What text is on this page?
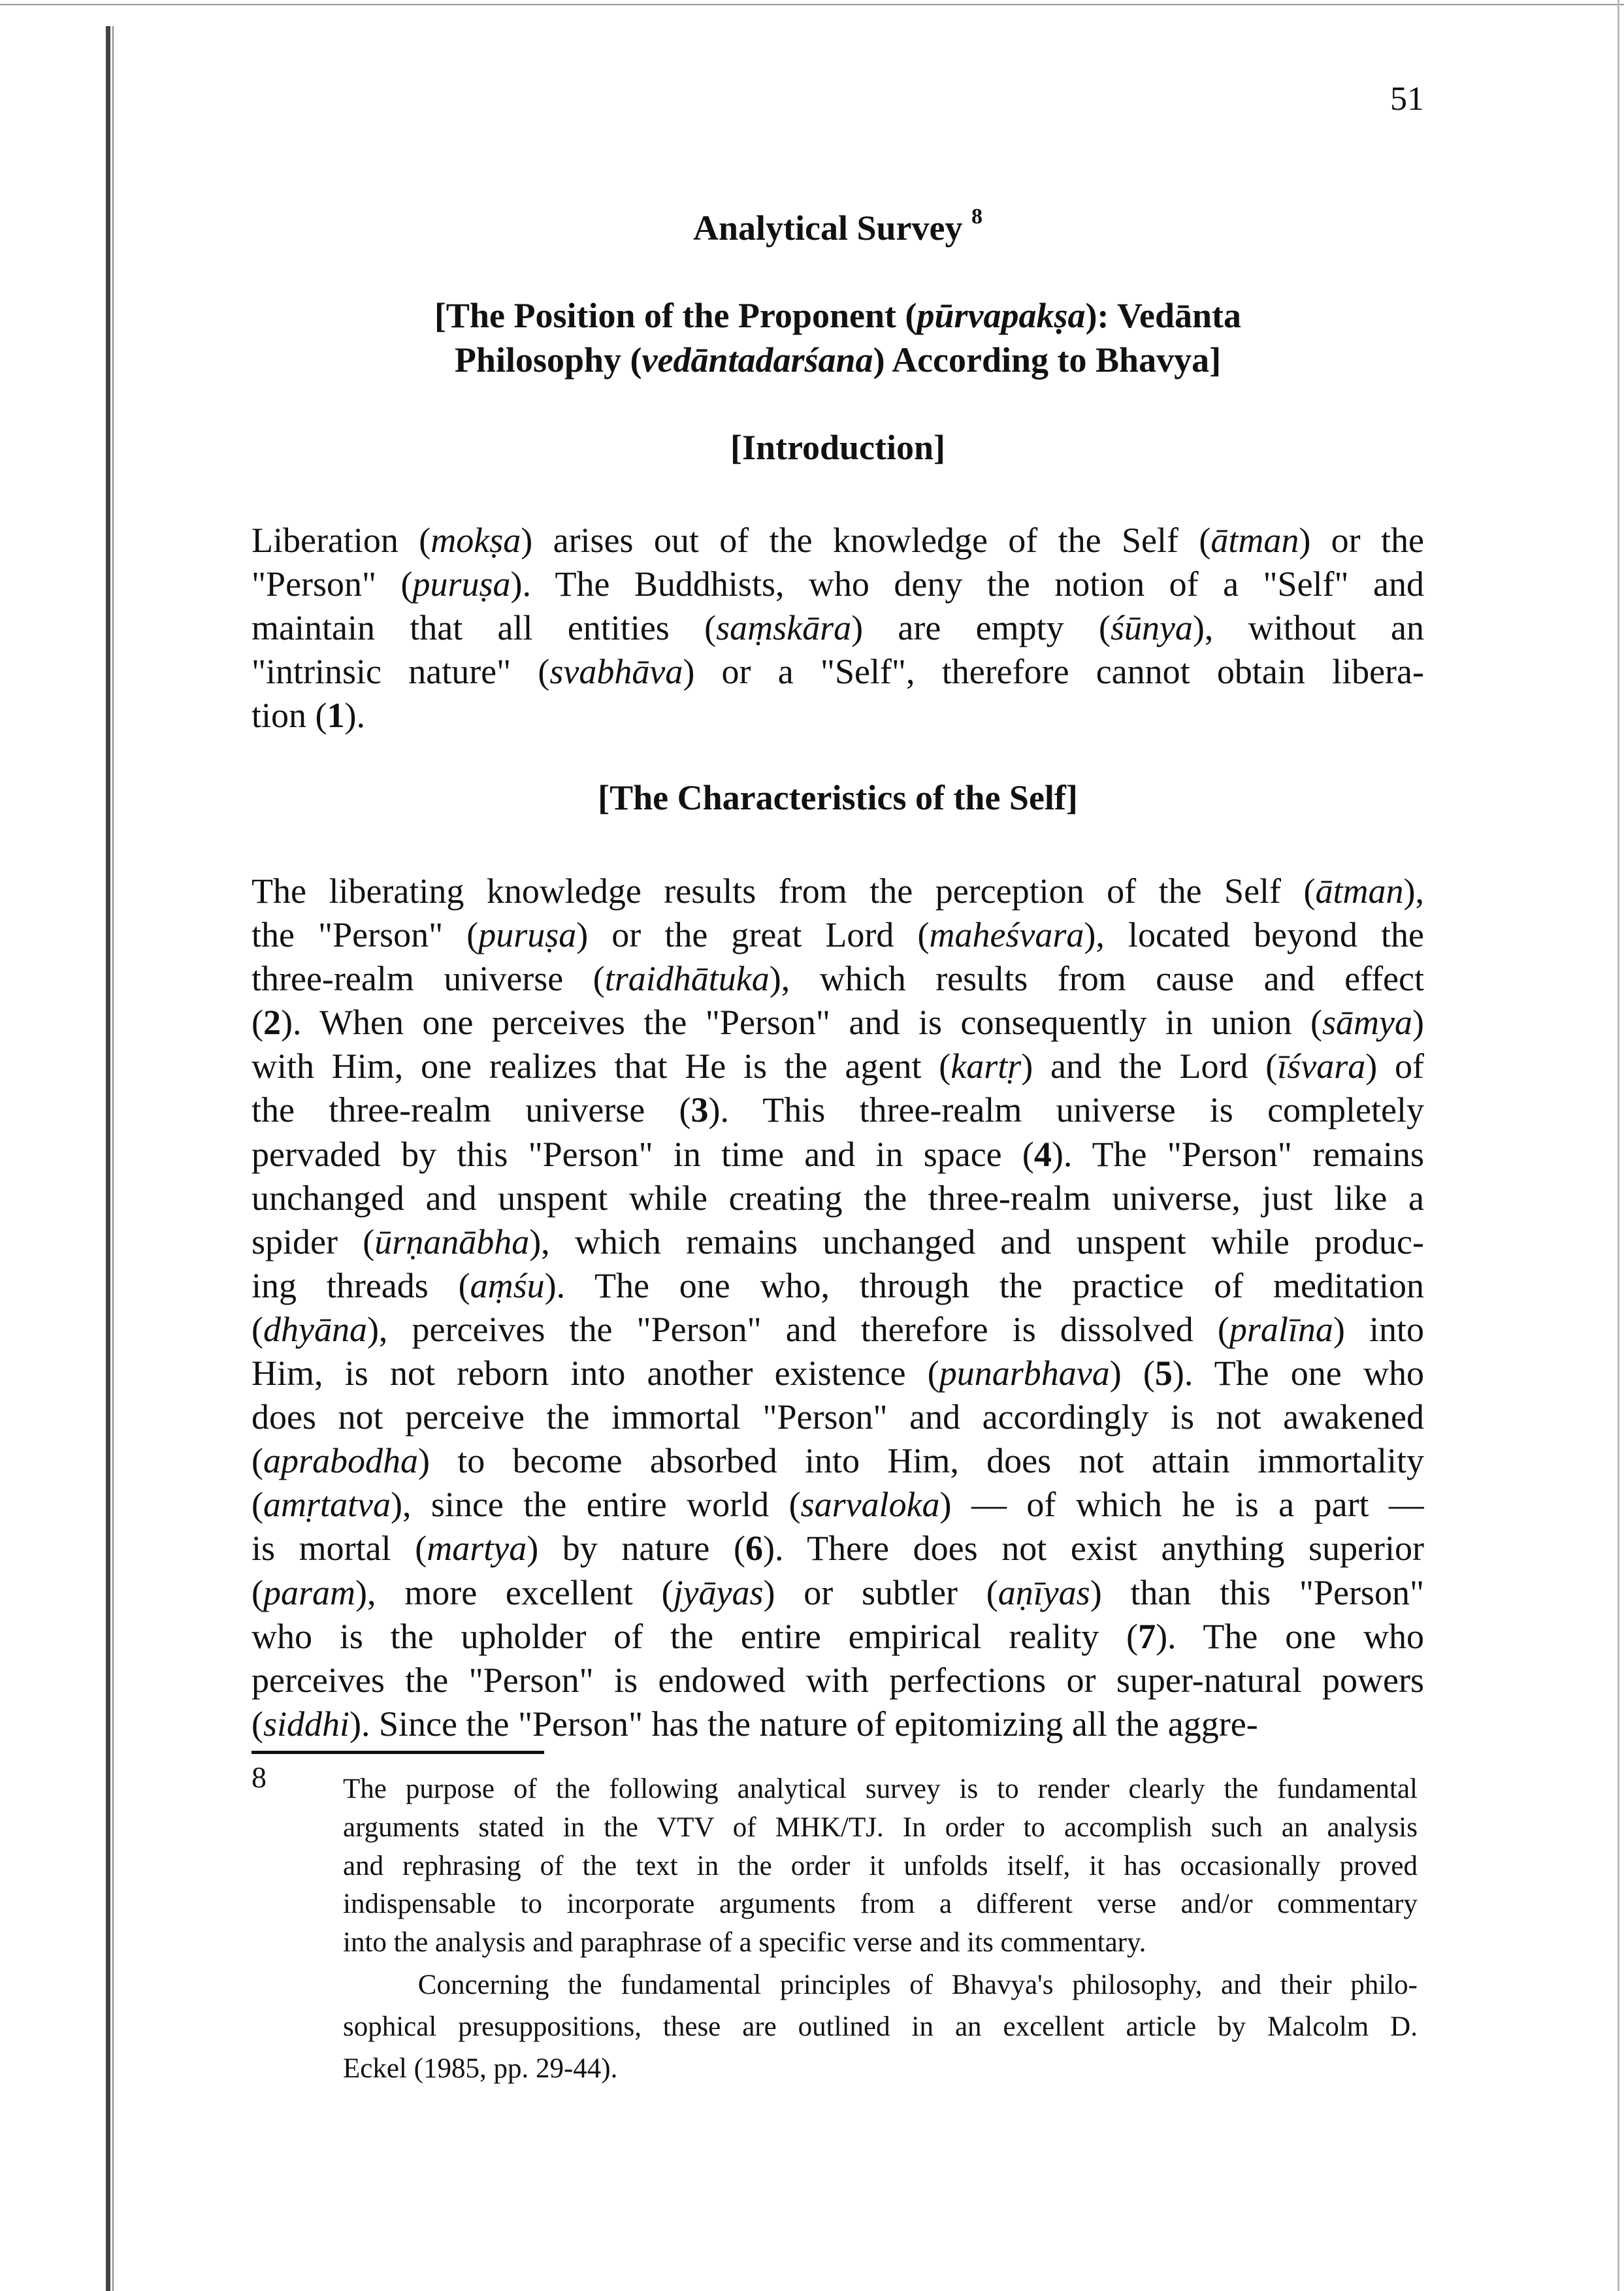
51
Analytical Survey $^8$
[The Position of the Proponent (pūrvapakṣa): Vedānta
Philosophy (vedāntadarśana) According to Bhavya]
[Introduction]
Liberation (mokṣa) arises out of the knowledge of the Self (ātman) or the
"Person" (puruṣa). The Buddhists, who deny the notion of a "Self" and
maintain that all entities (saṃskāra) are empty (śūnya), without an
"intrinsic nature" (svabhāva) or a "Self", therefore cannot obtain libera-
tion (1).
[The Characteristics of the Self]
The liberating knowledge results from the perception of the Self (ātman),
the "Person" (puruṣa) or the great Lord (maheśvara), located beyond the
three-realm universe (traidhātuka), which results from cause and effect
(2). When one perceives the "Person" and is consequently in union (sāmya)
with Him, one realizes that He is the agent (kartṛ) and the Lord (īśvara) of
the three-realm universe (3). This three-realm universe is completely
pervaded by this "Person" in time and in space (4). The "Person" remains
unchanged and unspent while creating the three-realm universe, just like a
spider (ūrṇanābha), which remains unchanged and unspent while produc-
ing threads (aṃśu). The one who, through the practice of meditation
(dhyāna), perceives the "Person" and therefore is dissolved (pralīna) into
Him, is not reborn into another existence (punarbhava) (5). The one who
does not perceive the immortal "Person" and accordingly is not awakened
(aprabodha) to become absorbed into Him, does not attain immortality
(amṛtatva), since the entire world (sarvaloka) — of which he is a part —
is mortal (martya) by nature (6). There does not exist anything superior
(param), more excellent (jyāyas) or subtler (aṇīyas) than this "Person"
who is the upholder of the entire empirical reality (7). The one who
perceives the "Person" is endowed with perfections or super-natural powers
(siddhi). Since the "Person" has the nature of epitomizing all the aggre-
8	The purpose of the following analytical survey is to render clearly the fundamental
arguments stated in the VTV of MHK/TJ. In order to accomplish such an analysis
and rephrasing of the text in the order it unfolds itself, it has occasionally proved
indispensable to incorporate arguments from a different verse and/or commentary
into the analysis and paraphrase of a specific verse and its commentary.
Concerning the fundamental principles of Bhavya's philosophy, and their philo-
sophical presuppositions, these are outlined in an excellent article by Malcolm D.
Eckel (1985, pp. 29-44).
